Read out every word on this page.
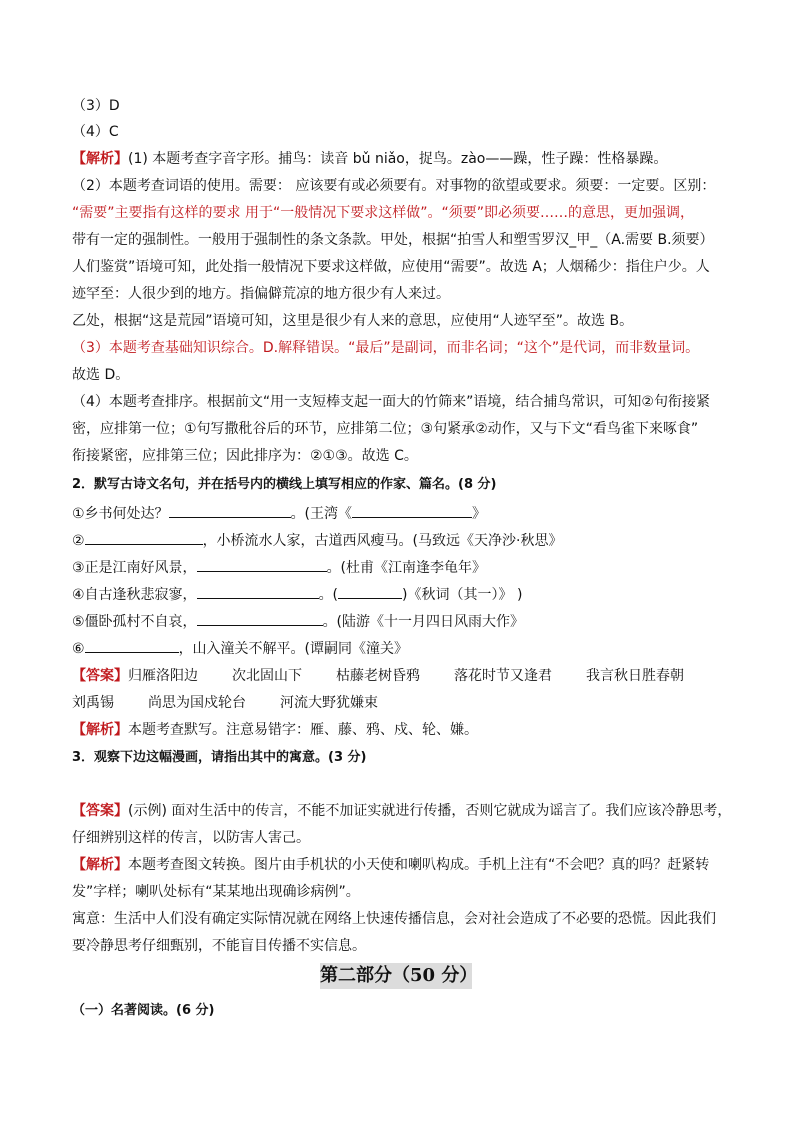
（3）D
（4）C
【解析】(1) 本题考查字音字形。捕鸟：读音 bǔ niǎo，捉鸟。zào——躁，性子躁：性格暴躁。
（2）本题考查词语的使用。需要： 应该要有或必须要有。对事物的欲望或要求。须要：一定要。区别：
“需要”主要指有这样的要求 用于“一般情况下要求这样做”。“须要”即必须要……的意思，更加强调，
带有一定的强制性。一般用于强制性的条文条款。甲处，根据“拍雪人和塑雪罗汉_甲_（A.需要 B.须要）
人们鉴赏”语境可知，此处指一般情况下要求这样做，应使用“需要”。故选 A；人烟稀少：指住户少。人
迹罕至：人很少到的地方。指偏僻荒凉的地方很少有人来过。
乙处，根据“这是荒园”语境可知，这里是很少有人来的意思，应使用“人迹罕至”。故选 B。
（3）本题考查基础知识综合。D.解释错误。“最后”是副词，而非名词；“这个”是代词，而非数量词。
故选 D。
（4）本题考查排序。根据前文“用一支短棒支起一面大的竹筛来”语境，结合捕鸟常识，可知②句衔接紧
密，应排第一位；①句写撒秕谷后的环节，应排第二位；③句紧承②动作，又与下文“看鸟雀下来啄食”
衔接紧密，应排第三位；因此排序为：②①③。故选 C。
2．默写古诗文名句，并在括号内的横线上填写相应的作家、篇名。(8 分)
①乡书何处达？	。(王湾《	》
②	，小桥流水人家，古道西风瘦马。(马致远《天净沙·秋思》
③正是江南好风景，	。(杜甫《江南逢李龟年》
④自古逢秋悲寂寥，	。(	)《秋词（其一）》 )
⑤僵卧孤村不自哀，	。(陆游《十一月四日风雨大作》
⑥	，山入潼关不解平。(谭嗣同《潼关》
【答案】归雁洛阳边 次北固山下 枯藤老树昏鸦 落花时节又逢君 我言秋日胜春朝
刘禹锡 尚思为国戍轮台 河流大野犹嫌束
【解析】本题考查默写。注意易错字：雁、藤、鸦、戍、轮、嫌。
3．观察下边这幅漫画，请指出其中的寓意。(3 分)
【答案】(示例) 面对生活中的传言，不能不加证实就进行传播，否则它就成为谣言了。我们应该冷静思考，
仔细辨别这样的传言，以防害人害己。
【解析】本题考查图文转换。图片由手机状的小天使和喇叭构成。手机上注有“不会吧？真的吗？赶紧转
发”字样；喇叭处标有“某某地出现确诊病例”。
寓意：生活中人们没有确定实际情况就在网络上快速传播信息，会对社会造成了不必要的恐慌。因此我们
要冷静思考仔细甄别，不能盲目传播不实信息。
第二部分（50 分）
（一）名著阅读。(6 分)
